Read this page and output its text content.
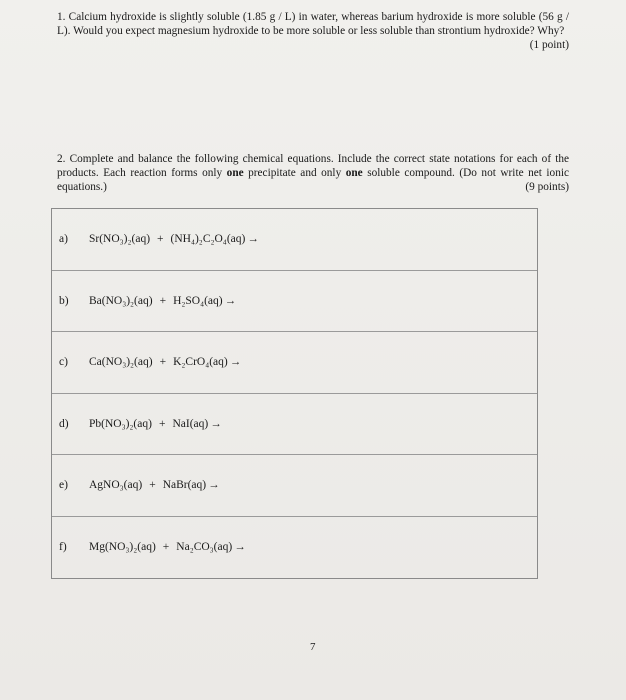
1. Calcium hydroxide is slightly soluble (1.85 g / L) in water, whereas barium hydroxide is more soluble (56 g / L). Would you expect magnesium hydroxide to be more soluble or less soluble than strontium hydroxide? Why?
(1 point)
2. Complete and balance the following chemical equations. Include the correct state notations for each of the products. Each reaction forms only one precipitate and only one soluble compound. (Do not write net ionic equations.)	(9 points)
a) Sr(NO₃)₂(aq) + (NH₄)₂C₂O₄(aq) →
b) Ba(NO₃)₂(aq) + H₂SO₄(aq) →
c) Ca(NO₃)₂(aq) + K₂CrO₄(aq) →
d) Pb(NO₃)₂(aq) + NaI(aq) →
e) AgNO₃(aq) + NaBr(aq) →
f) Mg(NO₃)₂(aq) + Na₂CO₃(aq) →
7
